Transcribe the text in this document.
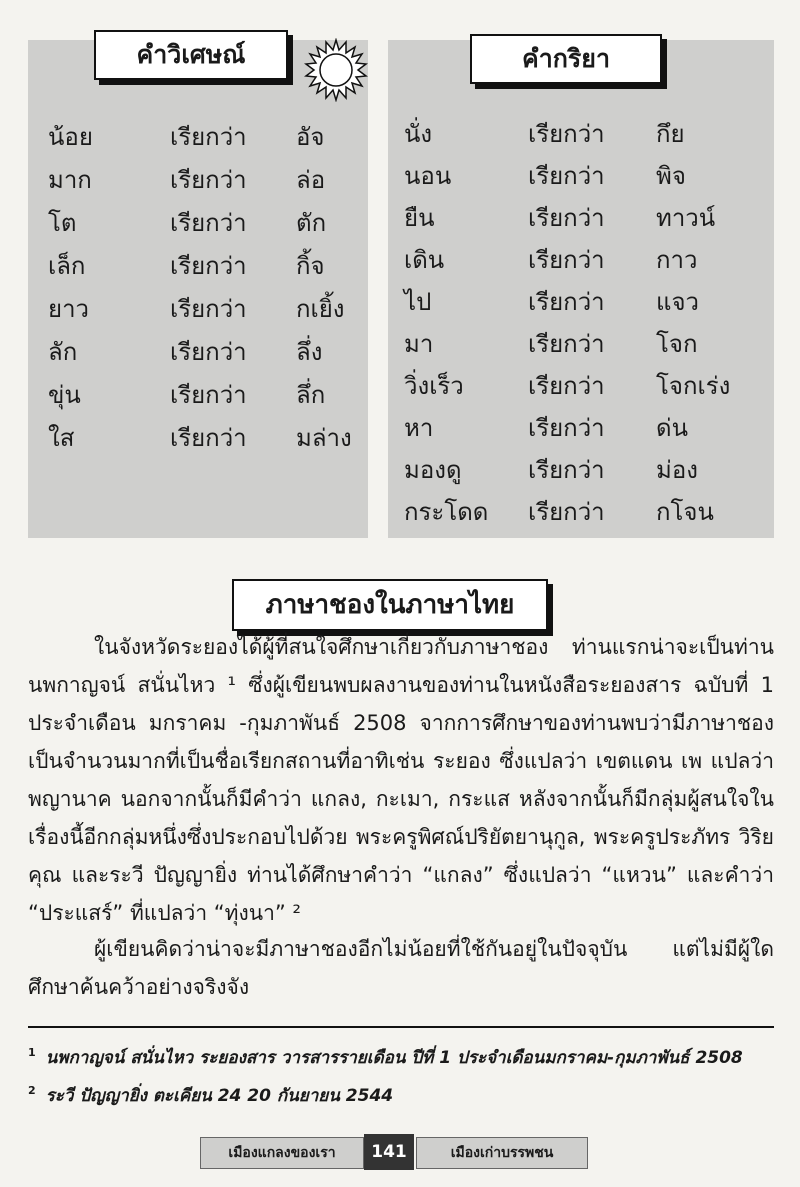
คำวิเศษณ์	คำกริยา
น้อย	เรียกว่า อัจ
มาก	เรียกว่า ล่อ
โต	เรียกว่า ตัก
เล็ก	เรียกว่า กิ้จ
ยาว	เรียกว่า กเยิ้ง
ลัก	เรียกว่า ลึ่ง
ขุ่น	เรียกว่า ลึ่ก
ใส	เรียกว่า มล่าง
นั่ง	เรียกว่า กึย
นอน	เรียกว่า พิจ
ยืน	เรียกว่า ทาวน์
เดิน	เรียกว่า กาว
ไป	เรียกว่า แจว
มา	เรียกว่า โจก
วิ่งเร็ว	เรียกว่า โจกเร่ง
หา	เรียกว่า ด่น
มองดู	เรียกว่า ม่อง
กระโดด เรียกว่า กโจน
ภาษาชองในภาษาไทย
ในจังหวัดระยองได้ผู้ที่สนใจศึกษาเกี่ยวกับภาษาชอง ท่านแรกน่าจะเป็นท่านนพกาญจน์ สนั่นไหว ¹ ซึ่งผู้เขียนพบผลงานของท่านในหนังสือระยองสาร ฉบับที่ 1 ประจำเดือน มกราคม -กุมภาพันธ์ 2508 จากการศึกษาของท่านพบว่ามีภาษาชองเป็นจำนวนมากที่เป็นชื่อเรียกสถานที่อาทิเช่น ระยอง ซึ่งแปลว่า เขตแดน เพ แปลว่า พญานาค นอกจากนั้นก็มีคำว่า แกลง, กะเมา, กระแส หลังจากนั้นก็มีกลุ่มผู้สนใจในเรื่องนี้อีกกลุ่มหนึ่งซึ่งประกอบไปด้วย พระครูพิศณ์ปริยัตยานุกูล, พระครูประภัทร วิริยคุณ และระวี ปัญญายิ่ง ท่านได้ศึกษาคำว่า “แกลง” ซึ่งแปลว่า “แหวน” และคำว่า “ประแสร์” ที่แปลว่า “ทุ่งนา” ²
ผู้เขียนคิดว่าน่าจะมีภาษาชองอีกไม่น้อยที่ใช้กันอยู่ในปัจจุบัน แต่ไม่มีผู้ใดศึกษาค้นคว้าอย่างจริงจัง
$^1$ นพกาญจน์ สนั่นไหว ระยองสาร วารสารรายเดือน ปีที่ 1 ประจำเดือนมกราคม-กุมภาพันธ์ 2508
$^2$ ระวี ปัญญายิ่ง ตะเคียน 24 20 กันยายน 2544
เมืองแกลงของเรา	141	เมืองเก่าบรรพชน
